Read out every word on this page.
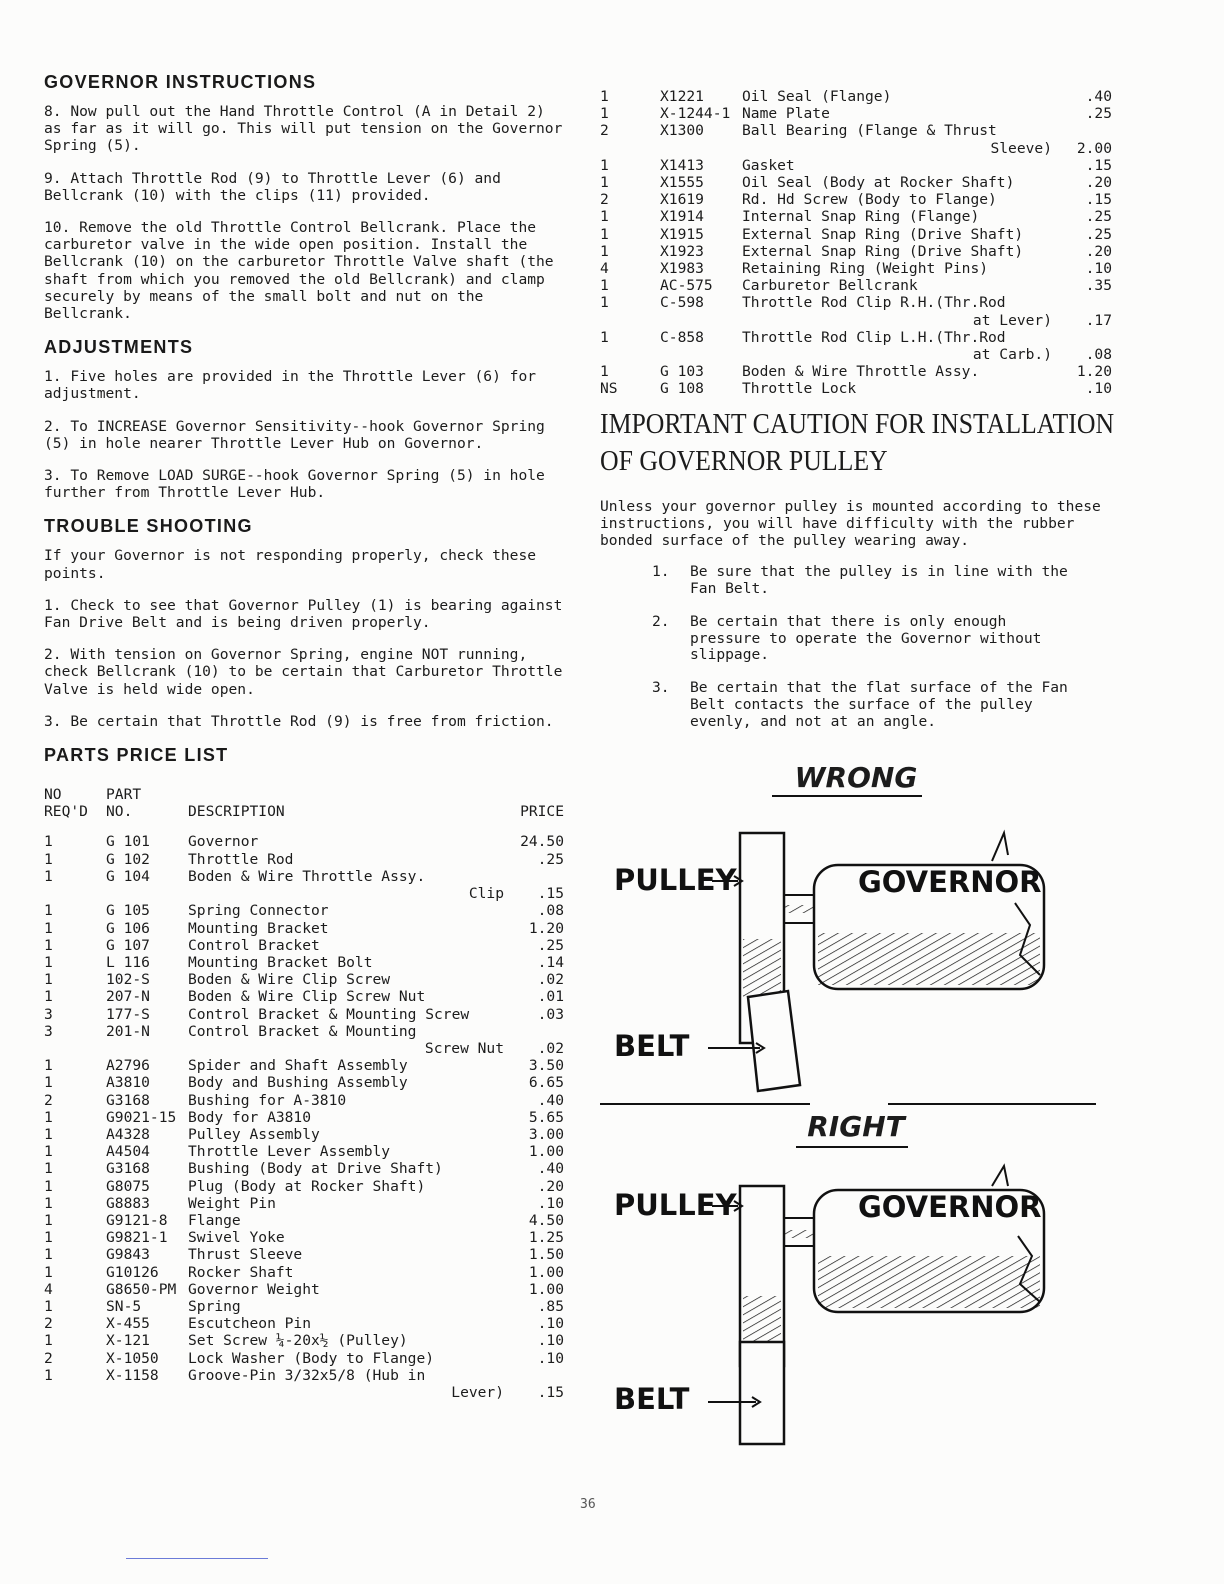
GOVERNOR INSTRUCTIONS

8. Now pull out the Hand Throttle Control (A in Detail 2) as far as it will go. This will put tension on the Governor Spring (5).

9. Attach Throttle Rod (9) to Throttle Lever (6) and Bellcrank (10) with the clips (11) provided.

10. Remove the old Throttle Control Bellcrank. Place the carburetor valve in the wide open position. Install the Bellcrank (10) on the carburetor Throttle Valve shaft (the shaft from which you removed the old Bellcrank) and clamp securely by means of the small bolt and nut on the Bellcrank.

ADJUSTMENTS

1. Five holes are provided in the Throttle Lever (6) for adjustment.

2. To INCREASE Governor Sensitivity--hook Governor Spring (5) in hole nearer Throttle Lever Hub on Governor.

3. To Remove LOAD SURGE--hook Governor Spring (5) in hole further from Throttle Lever Hub.

TROUBLE SHOOTING

If your Governor is not responding properly, check these points.

1. Check to see that Governor Pulley (1) is bearing against Fan Drive Belt and is being driven properly.

2. With tension on Governor Spring, engine NOT running, check Bellcrank (10) to be certain that Carburetor Throttle Valve is held wide open.

3. Be certain that Throttle Rod (9) is free from friction.

PARTS PRICE LIST
NO
REQ'D	PART
NO.	DESCRIPTION	PRICE
1	G 101	Governor	24.50
1	G 102	Throttle Rod	.25
1	G 104	Boden & Wire Throttle Assy.	
		Clip	.15
1	G 105	Spring Connector	.08
1	G 106	Mounting Bracket	1.20
1	G 107	Control Bracket	.25
1	L 116	Mounting Bracket Bolt	.14
1	102-S	Boden & Wire Clip Screw	.02
1	207-N	Boden & Wire Clip Screw Nut	.01
3	177-S	Control Bracket & Mounting Screw	.03
3	201-N	Control Bracket & Mounting	
		Screw Nut	.02
1	A2796	Spider and Shaft Assembly	3.50
1	A3810	Body and Bushing Assembly	6.65
2	G3168	Bushing for A-3810	.40
1	G9021-15	Body for A3810	5.65
1	A4328	Pulley Assembly	3.00
1	A4504	Throttle Lever Assembly	1.00
1	G3168	Bushing (Body at Drive Shaft)	.40
1	G8075	Plug (Body at Rocker Shaft)	.20
1	G8883	Weight Pin	.10
1	G9121-8	Flange	4.50
1	G9821-1	Swivel Yoke	1.25
1	G9843	Thrust Sleeve	1.50
1	G10126	Rocker Shaft	1.00
4	G8650-PM	Governor Weight	1.00
1	SN-5	Spring	.85
2	X-455	Escutcheon Pin	.10
1	X-121	Set Screw ¼-20x½ (Pulley)	.10
2	X-1050	Lock Washer (Body to Flange)	.10
1	X-1158	Groove-Pin 3/32x5/8 (Hub in	
		Lever)	.15
1	X1221	Oil Seal (Flange)	.40
1	X-1244-1	Name Plate	.25
2	X1300	Ball Bearing (Flange & Thrust	
		Sleeve)	2.00
1	X1413	Gasket	.15
1	X1555	Oil Seal (Body at Rocker Shaft)	.20
2	X1619	Rd. Hd Screw (Body to Flange)	.15
1	X1914	Internal Snap Ring (Flange)	.25
1	X1915	External Snap Ring (Drive Shaft)	.25
1	X1923	External Snap Ring (Drive Shaft)	.20
4	X1983	Retaining Ring (Weight Pins)	.10
1	AC-575	Carburetor Bellcrank	.35
1	C-598	Throttle Rod Clip R.H.(Thr.Rod	
		at Lever)	.17
1	C-858	Throttle Rod Clip L.H.(Thr.Rod	
		at Carb.)	.08
1	G 103	Boden & Wire Throttle Assy.	1.20
NS	G 108	Throttle Lock	.10
IMPORTANT CAUTION FOR INSTALLATION
OF GOVERNOR PULLEY

Unless your governor pulley is mounted according to these instructions, you will have difficulty with the rubber bonded surface of the pulley wearing away.

1. Be sure that the pulley is in line with the Fan Belt.
2. Be certain that there is only enough pressure to operate the Governor without slippage.
3. Be certain that the flat surface of the Fan Belt contacts the surface of the pulley evenly, and not at an angle.
WRONG
PULLEY	GOVERNOR
BELT
RIGHT
PULLEY	GOVERNOR
BELT
36
